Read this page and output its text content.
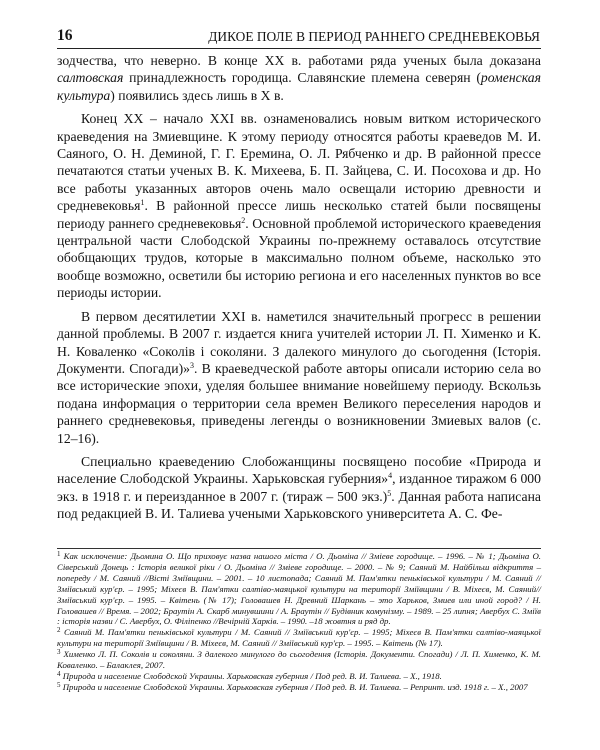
16	ДИКОЕ ПОЛЕ В ПЕРИОД РАННЕГО СРЕДНЕВЕКОВЬЯ

зодчества, что неверно. В конце XX в. работами ряда ученых была доказана салтовская принадлежность городища. Славянские племена северян (роменская культура) появились здесь лишь в X в.

Конец XX – начало XXI вв. ознаменовались новым витком исторического краеведения на Змиевщине. К этому периоду относятся работы краеведов М. И. Саяного, О. Н. Деминой, Г. Г. Еремина, О. Л. Рябченко и др. В районной прессе печатаются статьи ученых В. К. Михеева, Б. П. Зайцева, С. И. Посохова и др. Но все работы указанных авторов очень мало освещали историю древности и средневековья$^1$. В районной прессе лишь несколько статей были посвящены периоду раннего средневековья$^2$. Основной проблемой исторического краеведения центральной части Слободской Украины по-прежнему оставалось отсутствие обобщающих трудов, которые в максимально полном объеме, насколько это вообще возможно, осветили бы историю региона и его населенных пунктов во все периоды истории.

В первом десятилетии XXI в. наметился значительный прогресс в решении данной проблемы. В 2007 г. издается книга учителей истории Л. П. Хименко и К. Н. Коваленко «Соколів і соколяни. З далекого минулого до сьогодення (Історія. Документи. Спогади)»$^3$. В краеведческой работе авторы описали историю села во все исторические эпохи, уделяя большее внимание новейшему периоду. Вскользь подана информация о территории села времен Великого переселения народов и раннего средневековья, приведены легенды о возникновении Змиевых валов (с. 12–16).

Специально краеведению Слобожанщины посвящено пособие «Природа и население Слободской Украины. Харьковская губерния»$^4$, изданное тиражом 6 000 экз. в 1918 г. и переизданное в 2007 г. (тираж – 500 экз.)$^5$. Данная работа написана под редакцией В. И. Талиева учеными Харьковского университета А. С. Фе-

$^1$ Как исключение: Дьомина О. Що приховує назва нашого міста / О. Дьоміна // Зміеве городище. – 1996. – № 1; Дьоміна О. Сіверський Донець : Історія великої ріки / О. Дьоміна // Зміеве городище. – 2000. – № 9; Саяний М. Найбільш відкриття – попереду / М. Саяний //Вісті Зміївщини. – 2001. – 10 листопада; Саяний М. Пам'ятки пеньківської культури / М. Саяний // Зміївський кур'єр. – 1995; Міхеєв В. Пам'ятки салтіво-маяцької культури на території Зміївщини / В. Міхеєв, М. Саяний// Зміївський кур'єр. – 1995. – Квітень (№ 17); Головашев Н. Древний Шаркань – это Харьков, Змиев или иной город? / Н. Головашев // Время. – 2002; Браутін А. Скарб минувшини / А. Браутін // Будівник комунізму. – 1989. – 25 липня; Авербух С. Зміїв : історія назви / С. Авербух, О. Філіпенко //Вечірній Харків. – 1990. –18 жовтня и ряд др.

$^2$ Саяний М. Пам'ятки пеньківської культури / М. Саяний // Зміївський кур'єр. – 1995; Міхеєв В. Пам'ятки салтіво-маяцької культури на території Зміївщини / В. Міхеєв, М. Саяний // Зміївський кур'єр. – 1995. – Квітень (№ 17).

$^3$ Хименко Л. П. Соколів и соколяни. З далекого минулого до сьогодення (Історія. Документи. Спогади) / Л. П. Хименко, К. М. Коваленко. – Балаклея, 2007.

$^4$ Природа и население Слободской Украины. Харьковская губерния / Под ред. В. И. Талиева. – Х., 1918.

$^5$ Природа и население Слободской Украины. Харьковская губерния / Под ред. В. И. Талиева. – Репринт. изд. 1918 г. – Х., 2007
